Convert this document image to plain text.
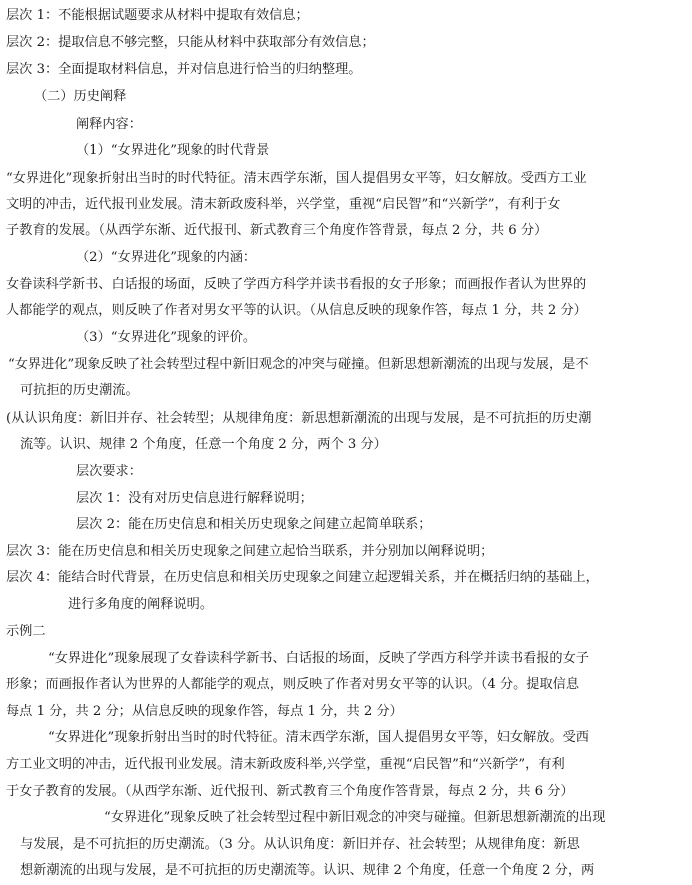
层次 1：不能根据试题要求从材料中提取有效信息；
层次 2：提取信息不够完整，只能从材料中获取部分有效信息；
层次 3：全面提取材料信息，并对信息进行恰当的归纳整理。
（二）历史阐释
阐释内容：
（1）“女界进化”现象的时代背景
“女界进化”现象折射出当时的时代特征。清末西学东渐，国人提倡男女平等，妇女解放。受西方工业
文明的冲击，近代报刊业发展。清末新政废科举，兴学堂，重视“启民智”和“兴新学”，有利于女
子教育的发展。（从西学东渐、近代报刊、新式教育三个角度作答背景，每点 2 分，共 6 分）
（2）“女界进化”现象的内涵：
女眷读科学新书、白话报的场面，反映了学西方科学并读书看报的女子形象；而画报作者认为世界的
人都能学的观点，则反映了作者对男女平等的认识。（从信息反映的现象作答，每点 1 分，共 2 分）
（3）“女界进化”现象的评价。
“女界进化”现象反映了社会转型过程中新旧观念的冲突与碰撞。但新思想新潮流的出现与发展，是不
可抗拒的历史潮流。
(从认识角度：新旧并存、社会转型；从规律角度：新思想新潮流的出现与发展，是不可抗拒的历史潮
流等。认识、规律 2 个角度，任意一个角度 2 分，两个 3 分）
层次要求：
层次 1：没有对历史信息进行解释说明；
层次 2：能在历史信息和相关历史现象之间建立起简单联系；
层次 3：能在历史信息和相关历史现象之间建立起恰当联系，并分别加以阐释说明；
层次 4：能结合时代背景，在历史信息和相关历史现象之间建立起逻辑关系，并在概括归纳的基础上，
进行多角度的阐释说明。
示例二
“女界进化”现象展现了女眷读科学新书、白话报的场面，反映了学西方科学并读书看报的女子
形象；而画报作者认为世界的人都能学的观点，则反映了作者对男女平等的认识。（4 分。提取信息
每点 1 分，共 2 分；从信息反映的现象作答，每点 1 分，共 2 分）
“女界进化”现象折射出当时的时代特征。清末西学东渐，国人提倡男女平等，妇女解放。受西
方工业文明的冲击，近代报刊业发展。清末新政废科举,兴学堂，重视“启民智”和“兴新学”，有利
于女子教育的发展。（从西学东渐、近代报刊、新式教育三个角度作答背景，每点 2 分，共 6 分）
“女界进化”现象反映了社会转型过程中新旧观念的冲突与碰撞。但新思想新潮流的出现
与发展，是不可抗拒的历史潮流。（3 分。从认识角度：新旧并存、社会转型；从规律角度：新思
想新潮流的出现与发展，是不可抗拒的历史潮流等。认识、规律 2 个角度，任意一个角度 2 分，两
